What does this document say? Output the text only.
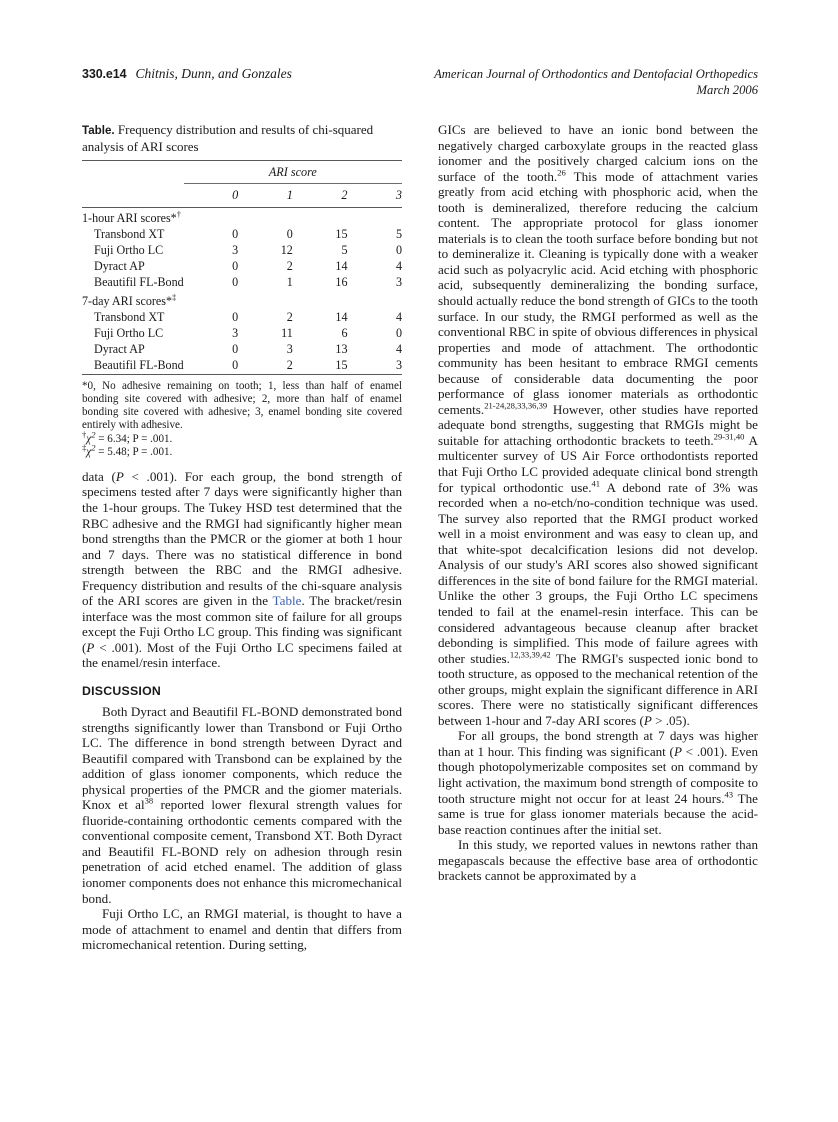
330.e14 Chitnis, Dunn, and Gonzales	American Journal of Orthodontics and Dentofacial Orthopedics
March 2006
Table. Frequency distribution and results of chi-squared analysis of ARI scores
	ARI score			
	0	1	2	3
1-hour ARI scores*†
Transbond XT	0	0	15	5
Fuji Ortho LC	3	12	5	0
Dyract AP	0	2	14	4
Beautifil FL-Bond	0	1	16	3
7-day ARI scores*‡
Transbond XT	0	2	14	4
Fuji Ortho LC	3	11	6	0
Dyract AP	0	3	13	4
Beautifil FL-Bond	0	2	15	3
*0, No adhesive remaining on tooth; 1, less than half of enamel bonding site covered with adhesive; 2, more than half of enamel bonding site covered with adhesive; 3, enamel bonding site covered entirely with adhesive.
$^\dagger\chi^2 = 6.34$; P = .001.
$^\ddagger\chi^2 = 5.48$; P = .001.

data (P < .001). For each group, the bond strength of specimens tested after 7 days were significantly higher than the 1-hour groups. The Tukey HSD test determined that the RBC adhesive and the RMGI had significantly higher mean bond strengths than the PMCR or the giomer at both 1 hour and 7 days. There was no statistical difference in bond strength between the RBC and the RMGI adhesive. Frequency distribution and results of the chi-square analysis of the ARI scores are given in the Table. The bracket/resin interface was the most common site of failure for all groups except the Fuji Ortho LC group. This finding was significant (P < .001). Most of the Fuji Ortho LC specimens failed at the enamel/resin interface.

DISCUSSION

Both Dyract and Beautifil FL-BOND demonstrated bond strengths significantly lower than Transbond or Fuji Ortho LC. The difference in bond strength between Dyract and Beautifil compared with Transbond can be explained by the addition of glass ionomer components, which reduce the physical properties of the PMCR and the giomer materials. Knox et $al^{38}$ reported lower flexural strength values for fluoride-containing orthodontic cements compared with the conventional composite cement, Transbond XT. Both Dyract and Beautifil FL-BOND rely on adhesion through resin penetration of acid etched enamel. The addition of glass ionomer components does not enhance this micromechanical bond.

Fuji Ortho LC, an RMGI material, is thought to have a mode of attachment to enamel and dentin that differs from micromechanical retention. During setting,

GICs are believed to have an ionic bond between the negatively charged carboxylate groups in the reacted glass ionomer and the positively charged calcium ions on the surface of the tooth.$^{26}$ This mode of attachment varies greatly from acid etching with phosphoric acid, when the tooth is demineralized, therefore reducing the calcium content. The appropriate protocol for glass ionomer materials is to clean the tooth surface before bonding but not to demineralize it. Cleaning is typically done with a weaker acid such as polyacrylic acid. Acid etching with phosphoric acid, subsequently demineralizing the bonding surface, should actually reduce the bond strength of GICs to the tooth surface. In our study, the RMGI performed as well as the conventional RBC in spite of obvious differences in physical properties and mode of attachment. The orthodontic community has been hesitant to embrace RMGI cements because of considerable data documenting the poor performance of glass ionomer materials as orthodontic cements.$^{21-24,28,33,36,39}$ However, other studies have reported adequate bond strengths, suggesting that RMGIs might be suitable for attaching orthodontic brackets to teeth.$^{29-31,40}$ A multicenter survey of US Air Force orthodontists reported that Fuji Ortho LC provided adequate clinical bond strength for typical orthodontic use.$^{41}$ A debond rate of 3% was recorded when a no-etch/no-condition technique was used. The survey also reported that the RMGI product worked well in a moist environment and was easy to clean up, and that white-spot decalcification lesions did not develop. Analysis of our study's ARI scores also showed significant differences in the site of bond failure for the RMGI material. Unlike the other 3 groups, the Fuji Ortho LC specimens tended to fail at the enamel-resin interface. This can be considered advantageous because cleanup after bracket debonding is simplified. This mode of failure agrees with other studies.$^{12,33,39,42}$ The RMGI's suspected ionic bond to tooth structure, as opposed to the mechanical retention of the other groups, might explain the significant difference in ARI scores. There were no statistically significant differences between 1-hour and 7-day ARI scores (P > .05).

For all groups, the bond strength at 7 days was higher than at 1 hour. This finding was significant (P < .001). Even though photopolymerizable composites set on command by light activation, the maximum bond strength of composite to tooth structure might not occur for at least 24 hours.$^{43}$ The same is true for glass ionomer materials because the acid-base reaction continues after the initial set.

In this study, we reported values in newtons rather than megapascals because the effective base area of orthodontic brackets cannot be approximated by a
